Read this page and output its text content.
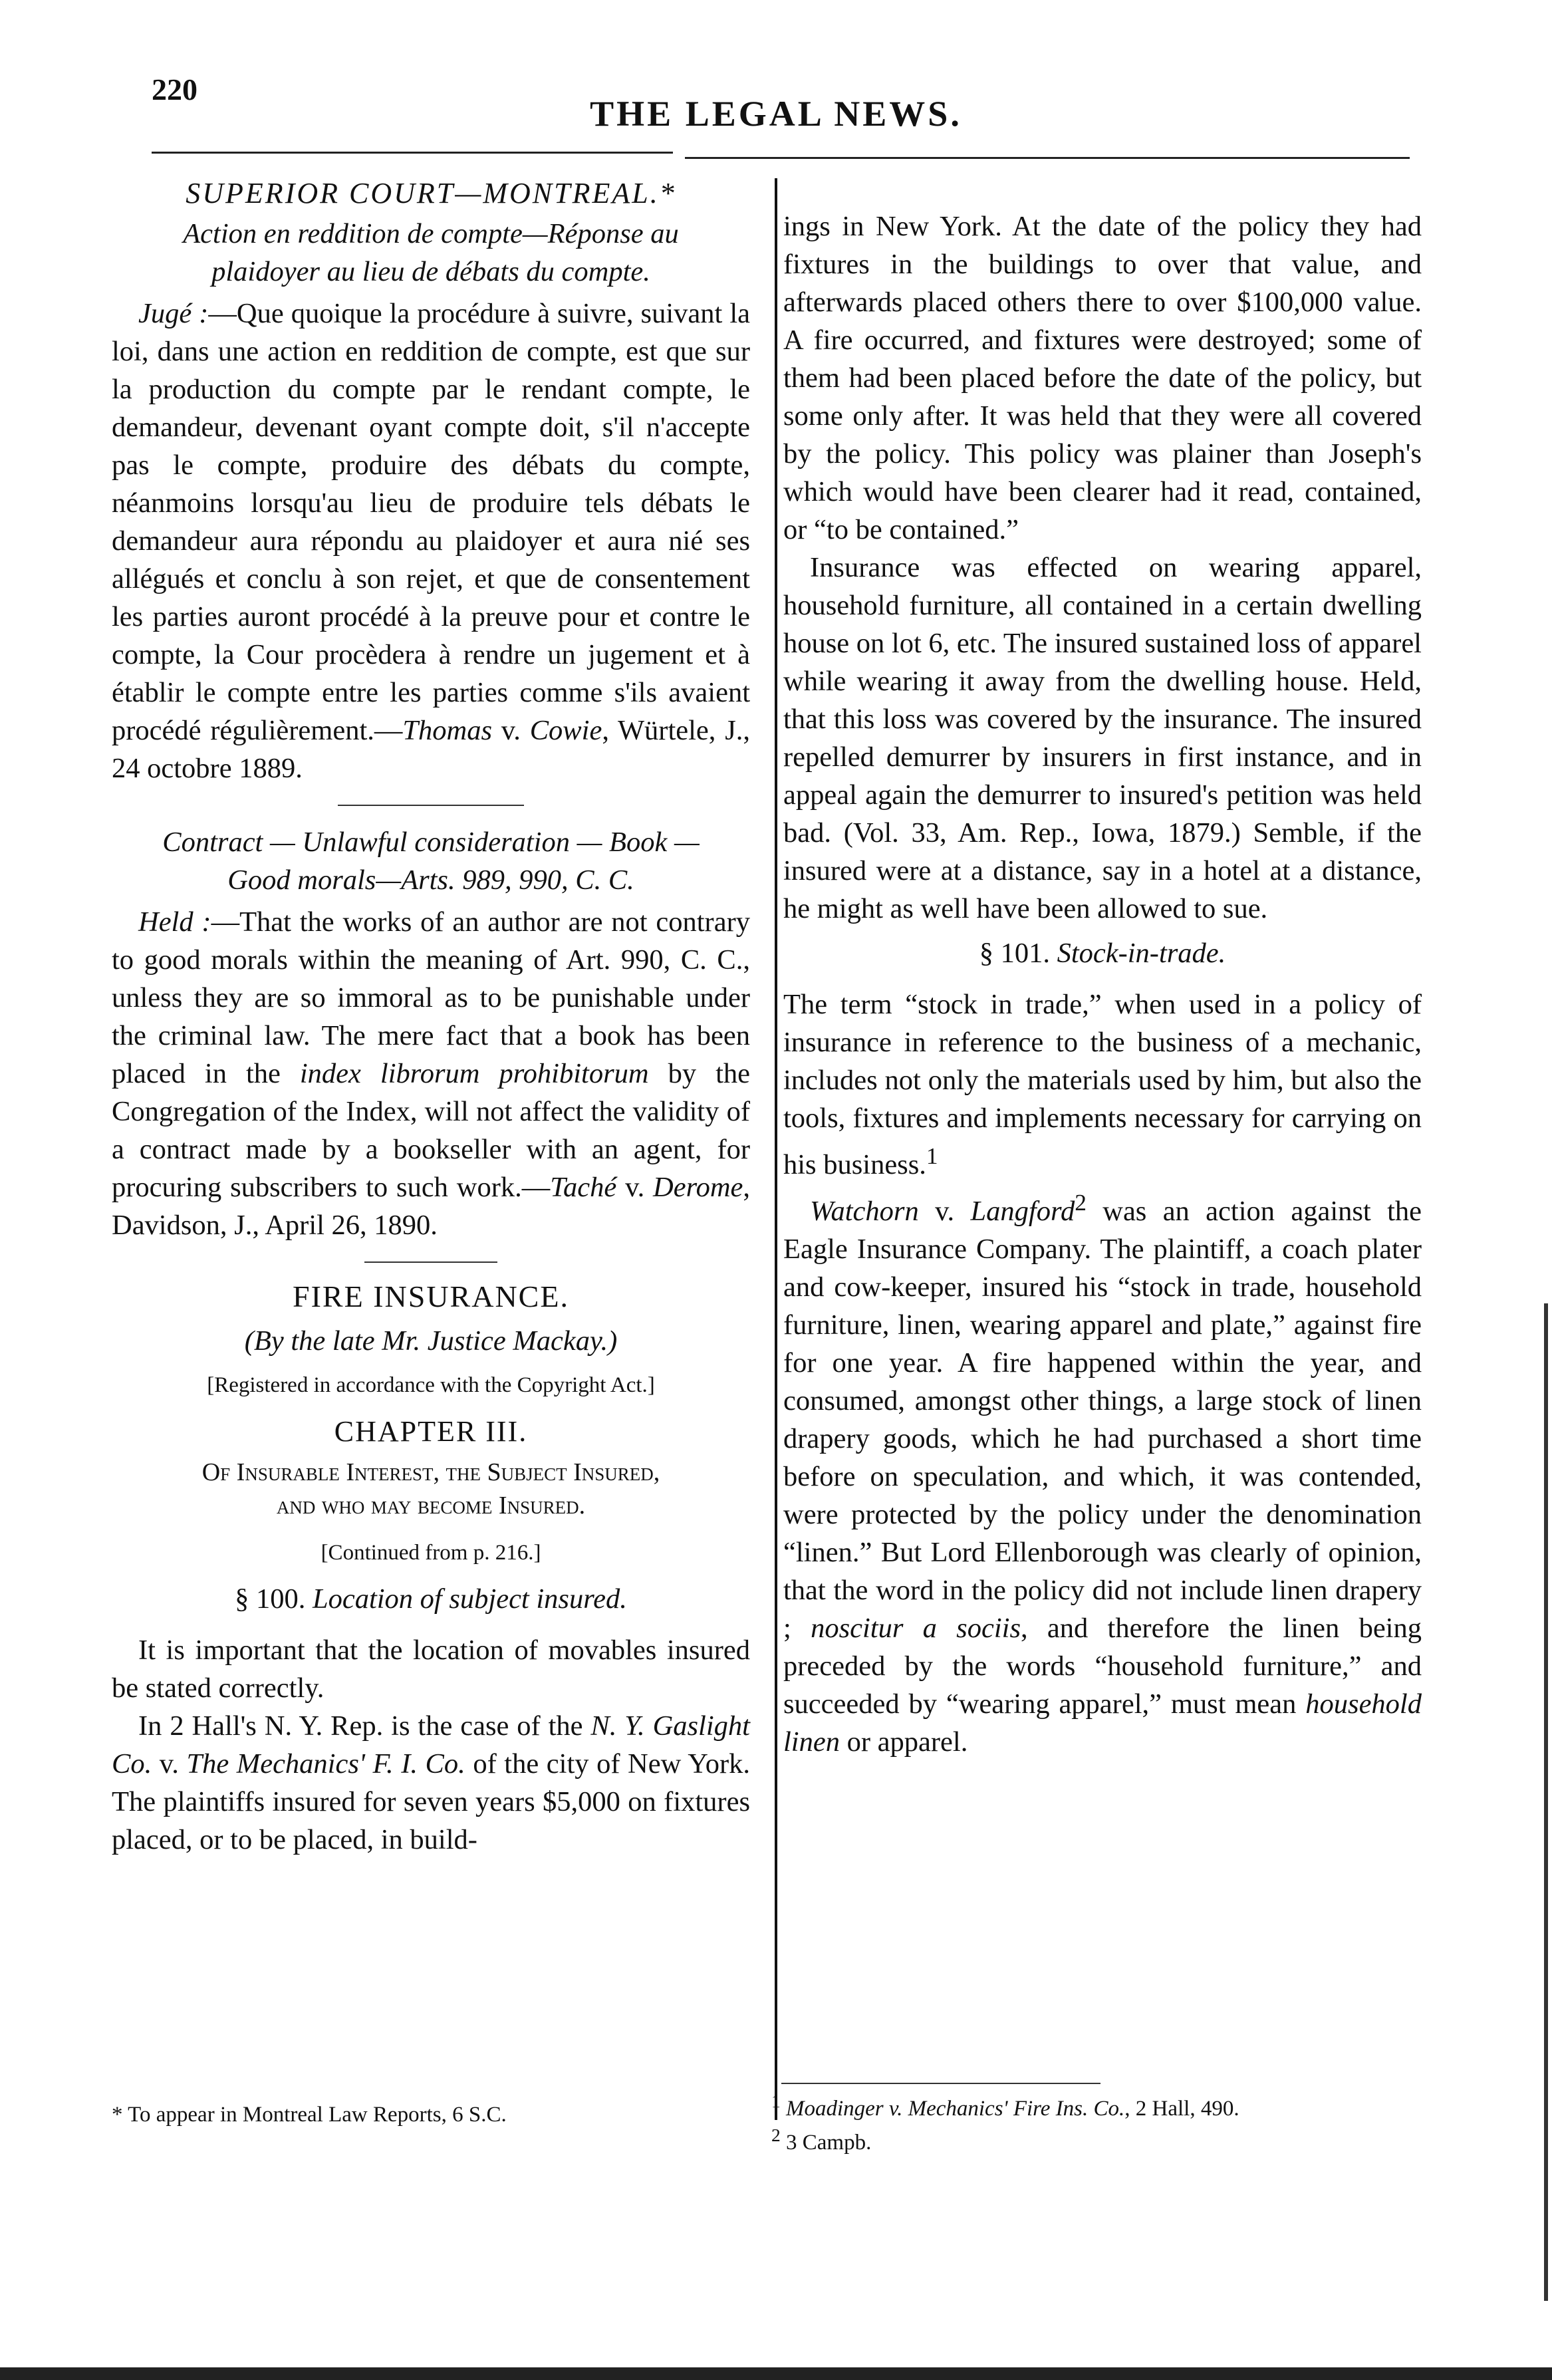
220
THE LEGAL NEWS.
SUPERIOR COURT—MONTREAL.*

Action en reddition de compte—Réponse au

plaidoyer au lieu de débats du compte.

Jugé :—Que quoique la procédure à suivre, suivant la loi, dans une action en reddition de compte, est que sur la production du compte par le rendant compte, le demandeur, devenant oyant compte doit, s'il n'accepte pas le compte, produire des débats du compte, néanmoins lorsqu'au lieu de produire tels débats le demandeur aura répondu au plaidoyer et aura nié ses allégués et conclu à son rejet, et que de consentement les parties auront procédé à la preuve pour et contre le compte, la Cour procèdera à rendre un jugement et à établir le compte entre les parties comme s'ils avaient procédé régulièrement.—Thomas v. Cowie, Würtele, J., 24 octobre 1889.

Contract — Unlawful consideration — Book —

Good morals—Arts. 989, 990, C. C.

Held :—That the works of an author are not contrary to good morals within the meaning of Art. 990, C. C., unless they are so immoral as to be punishable under the criminal law. The mere fact that a book has been placed in the index librorum prohibitorum by the Congregation of the Index, will not affect the validity of a contract made by a bookseller with an agent, for procuring subscribers to such work.—Taché v. Derome, Davidson, J., April 26, 1890.

FIRE INSURANCE.
(By the late Mr. Justice Mackay.)
[Registered in accordance with the Copyright Act.]
CHAPTER III.
Of Insurable Interest, the Subject Insured,
and who may become Insured.
[Continued from p. 216.]
§ 100. Location of subject insured.

It is important that the location of movables insured be stated correctly.

In 2 Hall's N. Y. Rep. is the case of the N. Y. Gaslight Co. v. The Mechanics' F. I. Co. of the city of New York. The plaintiffs insured for seven years $5,000 on fixtures placed, or to be placed, in build-

* To appear in Montreal Law Reports, 6 S.C.

ings in New York. At the date of the policy they had fixtures in the buildings to over that value, and afterwards placed others there to over $100,000 value. A fire occurred, and fixtures were destroyed; some of them had been placed before the date of the policy, but some only after. It was held that they were all covered by the policy. This policy was plainer than Joseph's which would have been clearer had it read, contained, or “to be contained.”

Insurance was effected on wearing apparel, household furniture, all contained in a certain dwelling house on lot 6, etc. The insured sustained loss of apparel while wearing it away from the dwelling house. Held, that this loss was covered by the insurance. The insured repelled demurrer by insurers in first instance, and in appeal again the demurrer to insured's petition was held bad. (Vol. 33, Am. Rep., Iowa, 1879.) Semble, if the insured were at a distance, say in a hotel at a distance, he might as well have been allowed to sue.

§ 101. Stock-in-trade.

The term “stock in trade,” when used in a policy of insurance in reference to the business of a mechanic, includes not only the materials used by him, but also the tools, fixtures and implements necessary for carrying on his business.$^1$

Watchorn v. Langford$^2$ was an action against the Eagle Insurance Company. The plaintiff, a coach plater and cow-keeper, insured his “stock in trade, household furniture, linen, wearing apparel and plate,” against fire for one year. A fire happened within the year, and consumed, amongst other things, a large stock of linen drapery goods, which he had purchased a short time before on speculation, and which, it was contended, were protected by the policy under the denomination “linen.” But Lord Ellenborough was clearly of opinion, that the word in the policy did not include linen drapery ; noscitur a sociis, and therefore the linen being preceded by the words “household furniture,” and succeeded by “wearing apparel,” must mean household linen or apparel.

$^1$ Moadinger v. Mechanics' Fire Ins. Co., 2 Hall, 490.
$^2$ 3 Campb.
